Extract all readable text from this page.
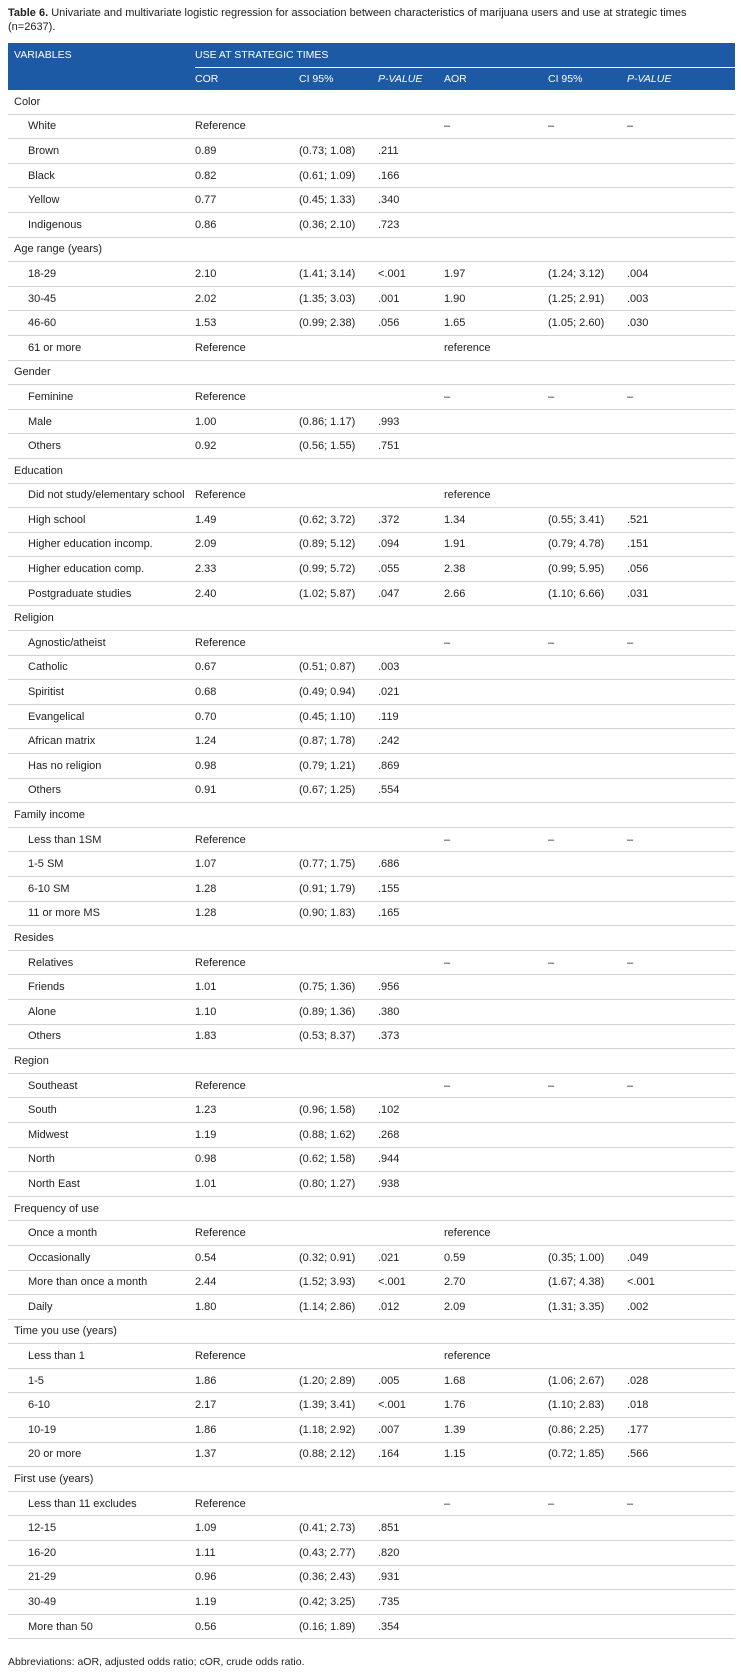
Table 6. Univariate and multivariate logistic regression for association between characteristics of marijuana users and use at strategic times (n=2637).
VARIABLES	USE AT STRATEGIC TIMES					
	COR	CI 95%	P-VALUE	AOR	CI 95%	P-VALUE
Color						
White	Reference			–	–	–
Brown	0.89	(0.73; 1.08)	.211			
Black	0.82	(0.61; 1.09)	.166			
Yellow	0.77	(0.45; 1.33)	.340			
Indigenous	0.86	(0.36; 2.10)	.723			
Age range (years)						
18-29	2.10	(1.41; 3.14)	<.001	1.97	(1.24; 3.12)	.004
30-45	2.02	(1.35; 3.03)	.001	1.90	(1.25; 2.91)	.003
46-60	1.53	(0.99; 2.38)	.056	1.65	(1.05; 2.60)	.030
61 or more	Reference			reference		
Gender						
Feminine	Reference			–	–	–
Male	1.00	(0.86; 1.17)	.993			
Others	0.92	(0.56; 1.55)	.751			
Education						
Did not study/elementary school	Reference			reference		
High school	1.49	(0.62; 3.72)	.372	1.34	(0.55; 3.41)	.521
Higher education incomp.	2.09	(0.89; 5.12)	.094	1.91	(0.79; 4.78)	.151
Higher education comp.	2.33	(0.99; 5.72)	.055	2.38	(0.99; 5.95)	.056
Postgraduate studies	2.40	(1.02; 5.87)	.047	2.66	(1.10; 6.66)	.031
Religion						
Agnostic/atheist	Reference			–	–	–
Catholic	0.67	(0.51; 0.87)	.003			
Spiritist	0.68	(0.49; 0.94)	.021			
Evangelical	0.70	(0.45; 1.10)	.119			
African matrix	1.24	(0.87; 1.78)	.242			
Has no religion	0.98	(0.79; 1.21)	.869			
Others	0.91	(0.67; 1.25)	.554			
Family income						
Less than 1SM	Reference			–	–	–
1-5 SM	1.07	(0.77; 1.75)	.686			
6-10 SM	1.28	(0.91; 1.79)	.155			
11 or more MS	1.28	(0.90; 1.83)	.165			
Resides						
Relatives	Reference			–	–	–
Friends	1.01	(0.75; 1.36)	.956			
Alone	1.10	(0.89; 1.36)	.380			
Others	1.83	(0.53; 8.37)	.373			
Region						
Southeast	Reference			–	–	–
South	1.23	(0.96; 1.58)	.102			
Midwest	1.19	(0.88; 1.62)	.268			
North	0.98	(0.62; 1.58)	.944			
North East	1.01	(0.80; 1.27)	.938			
Frequency of use						
Once a month	Reference			reference		
Occasionally	0.54	(0.32; 0.91)	.021	0.59	(0.35; 1.00)	.049
More than once a month	2.44	(1.52; 3.93)	<.001	2.70	(1.67; 4.38)	<.001
Daily	1.80	(1.14; 2.86)	.012	2.09	(1.31; 3.35)	.002
Time you use (years)						
Less than 1	Reference			reference		
1-5	1.86	(1.20; 2.89)	.005	1.68	(1.06; 2.67)	.028
6-10	2.17	(1.39; 3.41)	<.001	1.76	(1.10; 2.83)	.018
10-19	1.86	(1.18; 2.92)	.007	1.39	(0.86; 2.25)	.177
20 or more	1.37	(0.88; 2.12)	.164	1.15	(0.72; 1.85)	.566
First use (years)						
Less than 11 excludes	Reference			–	–	–
12-15	1.09	(0.41; 2.73)	.851			
16-20	1.11	(0.43; 2.77)	.820			
21-29	0.96	(0.36; 2.43)	.931			
30-49	1.19	(0.42; 3.25)	.735			
More than 50	0.56	(0.16; 1.89)	.354			
Abbreviations: aOR, adjusted odds ratio; cOR, crude odds ratio.
